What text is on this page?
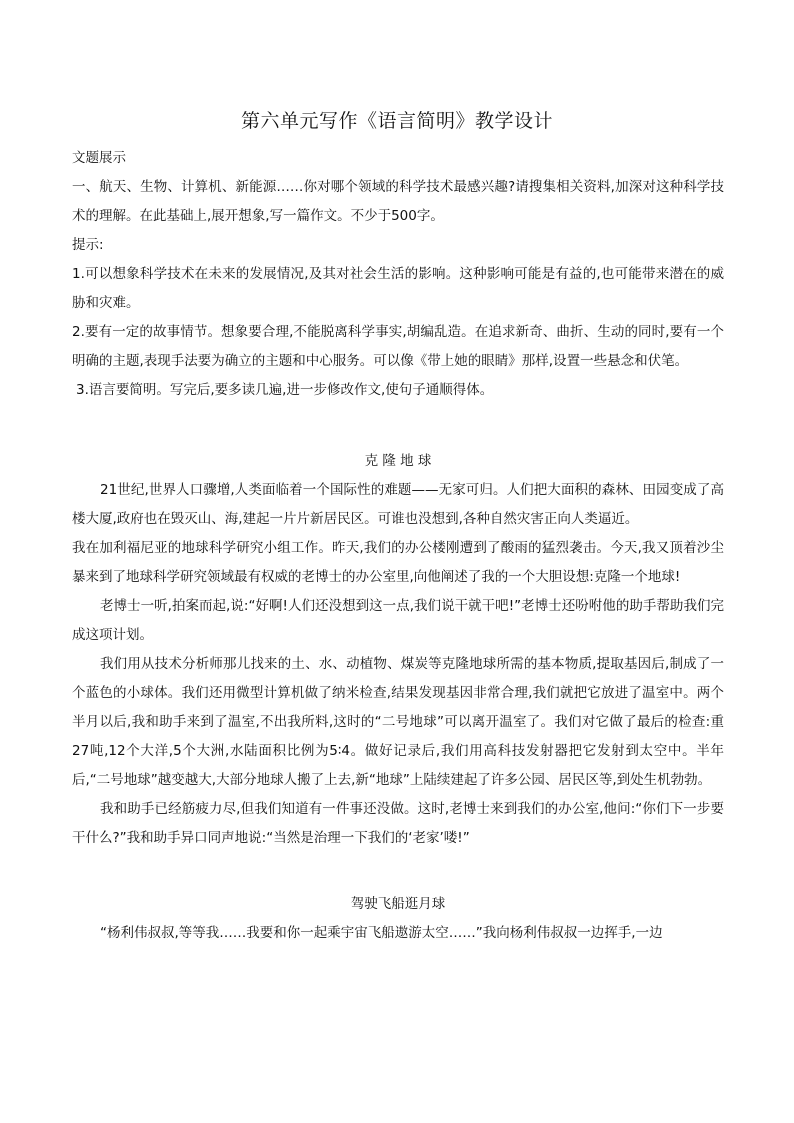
第六单元写作《语言简明》教学设计

文题展示

一、航天、生物、计算机、新能源……你对哪个领域的科学技术最感兴趣?请搜集相关资料,加深对这种科学技术的理解。在此基础上,展开想象,写一篇作文。不少于500字。

提示:

1.可以想象科学技术在未来的发展情况,及其对社会生活的影响。这种影响可能是有益的,也可能带来潜在的威胁和灾难。

2.要有一定的故事情节。想象要合理,不能脱离科学事实,胡编乱造。在追求新奇、曲折、生动的同时,要有一个明确的主题,表现手法要为确立的主题和中心服务。可以像《带上她的眼睛》那样,设置一些悬念和伏笔。

3.语言要简明。写完后,要多读几遍,进一步修改作文,使句子通顺得体。

克 隆 地 球

21世纪,世界人口骤增,人类面临着一个国际性的难题——无家可归。人们把大面积的森林、田园变成了高楼大厦,政府也在毁灭山、海,建起一片片新居民区。可谁也没想到,各种自然灾害正向人类逼近。

我在加利福尼亚的地球科学研究小组工作。昨天,我们的办公楼刚遭到了酸雨的猛烈袭击。今天,我又顶着沙尘暴来到了地球科学研究领域最有权威的老博士的办公室里,向他阐述了我的一个大胆设想:克隆一个地球!

老博士一听,拍案而起,说:“好啊!人们还没想到这一点,我们说干就干吧!”老博士还吩咐他的助手帮助我们完成这项计划。

我们用从技术分析师那儿找来的土、水、动植物、煤炭等克隆地球所需的基本物质,提取基因后,制成了一个蓝色的小球体。我们还用微型计算机做了纳米检查,结果发现基因非常合理,我们就把它放进了温室中。两个半月以后,我和助手来到了温室,不出我所料,这时的“二号地球”可以离开温室了。我们对它做了最后的检查:重27吨,12个大洋,5个大洲,水陆面积比例为5∶4。做好记录后,我们用高科技发射器把它发射到太空中。半年后,“二号地球”越变越大,大部分地球人搬了上去,新“地球”上陆续建起了许多公园、居民区等,到处生机勃勃。

我和助手已经筋疲力尽,但我们知道有一件事还没做。这时,老博士来到我们的办公室,他问:“你们下一步要干什么?”我和助手异口同声地说:“当然是治理一下我们的‘老家’喽!”

驾驶飞船逛月球

“杨利伟叔叔,等等我……我要和你一起乘宇宙飞船遨游太空……”我向杨利伟叔叔一边挥手,一边
